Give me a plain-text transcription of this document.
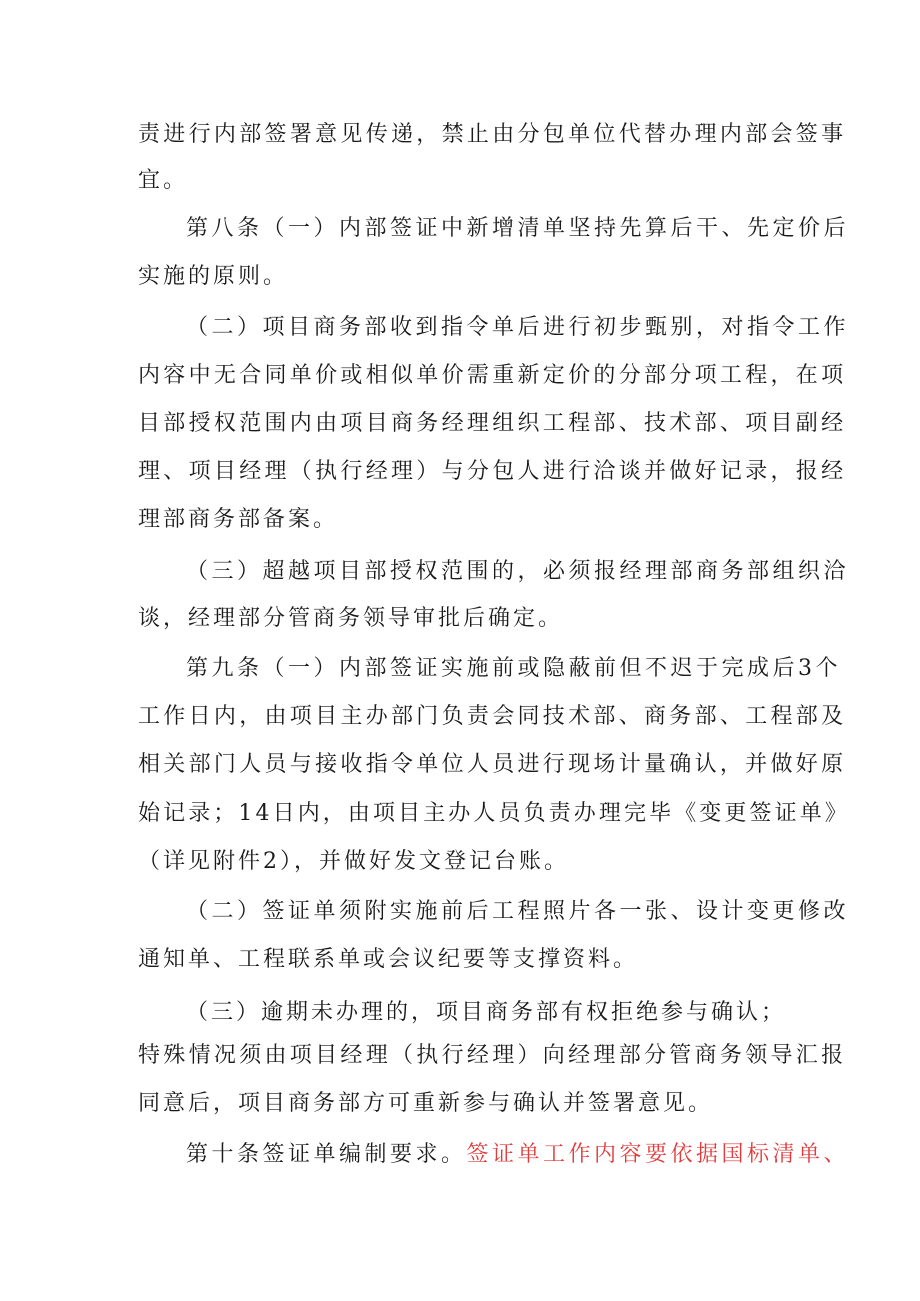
责进行内部签署意见传递，禁止由分包单位代替办理内部会签事
宜。
第八条（一）内部签证中新增清单坚持先算后干、先定价后
实施的原则。
（二）项目商务部收到指令单后进行初步甄别，对指令工作
内容中无合同单价或相似单价需重新定价的分部分项工程，在项
目部授权范围内由项目商务经理组织工程部、技术部、项目副经
理、项目经理（执行经理）与分包人进行洽谈并做好记录，报经
理部商务部备案。
（三）超越项目部授权范围的，必须报经理部商务部组织洽
谈，经理部分管商务领导审批后确定。
第九条（一）内部签证实施前或隐蔽前但不迟于完成后3个
工作日内，由项目主办部门负责会同技术部、商务部、工程部及
相关部门人员与接收指令单位人员进行现场计量确认，并做好原
始记录；14日内，由项目主办人员负责办理完毕《变更签证单》
（详见附件2），并做好发文登记台账。
（二）签证单须附实施前后工程照片各一张、设计变更修改
通知单、工程联系单或会议纪要等支撑资料。
（三）逾期未办理的，项目商务部有权拒绝参与确认；
特殊情况须由项目经理（执行经理）向经理部分管商务领导汇报
同意后，项目商务部方可重新参与确认并签署意见。
第十条签证单编制要求。签证单工作内容要依据国标清单、
